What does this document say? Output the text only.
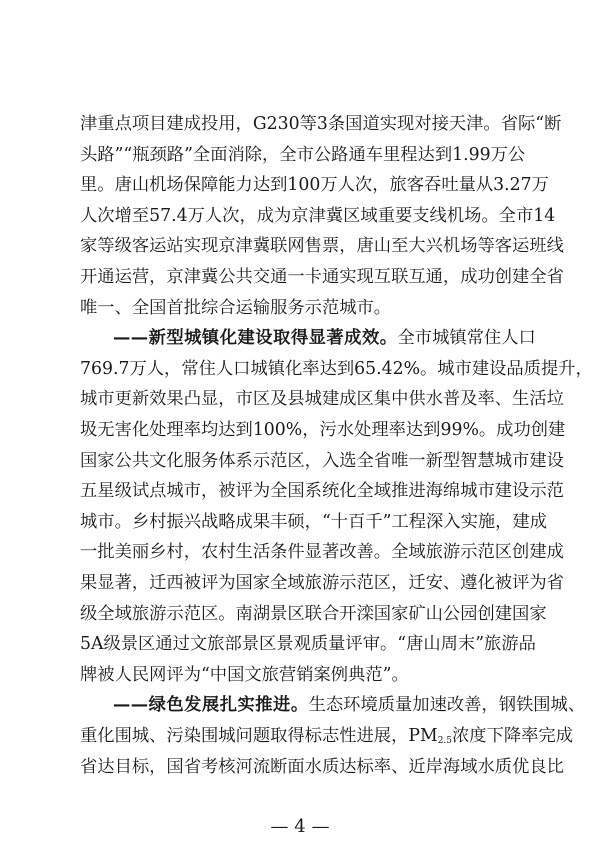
津重点项目建成投用，G230等3条国道实现对接天津。省际“断
头路”“瓶颈路”全面消除，全市公路通车里程达到1.99万公
里。唐山机场保障能力达到100万人次，旅客吞吐量从3.27万
人次增至57.4万人次，成为京津冀区域重要支线机场。全市14
家等级客运站实现京津冀联网售票，唐山至大兴机场等客运班线
开通运营，京津冀公共交通一卡通实现互联互通，成功创建全省
唯一、全国首批综合运输服务示范城市。
——新型城镇化建设取得显著成效。全市城镇常住人口
769.7万人，常住人口城镇化率达到65.42%。城市建设品质提升，
城市更新效果凸显，市区及县城建成区集中供水普及率、生活垃
圾无害化处理率均达到100%，污水处理率达到99%。成功创建
国家公共文化服务体系示范区，入选全省唯一新型智慧城市建设
五星级试点城市，被评为全国系统化全域推进海绵城市建设示范
城市。乡村振兴战略成果丰硕，“十百千”工程深入实施，建成
一批美丽乡村，农村生活条件显著改善。全域旅游示范区创建成
果显著，迁西被评为国家全域旅游示范区，迁安、遵化被评为省
级全域旅游示范区。南湖景区联合开滦国家矿山公园创建国家
5A级景区通过文旅部景区景观质量评审。“唐山周末”旅游品
牌被人民网评为“中国文旅营销案例典范”。
——绿色发展扎实推进。生态环境质量加速改善，钢铁围城、
— 4 —
重化围城、污染围城问题取得标志性进展，$PM_{2.5}$浓度下降率完成
省达目标，国省考核河流断面水质达标率、近岸海域水质优良比
